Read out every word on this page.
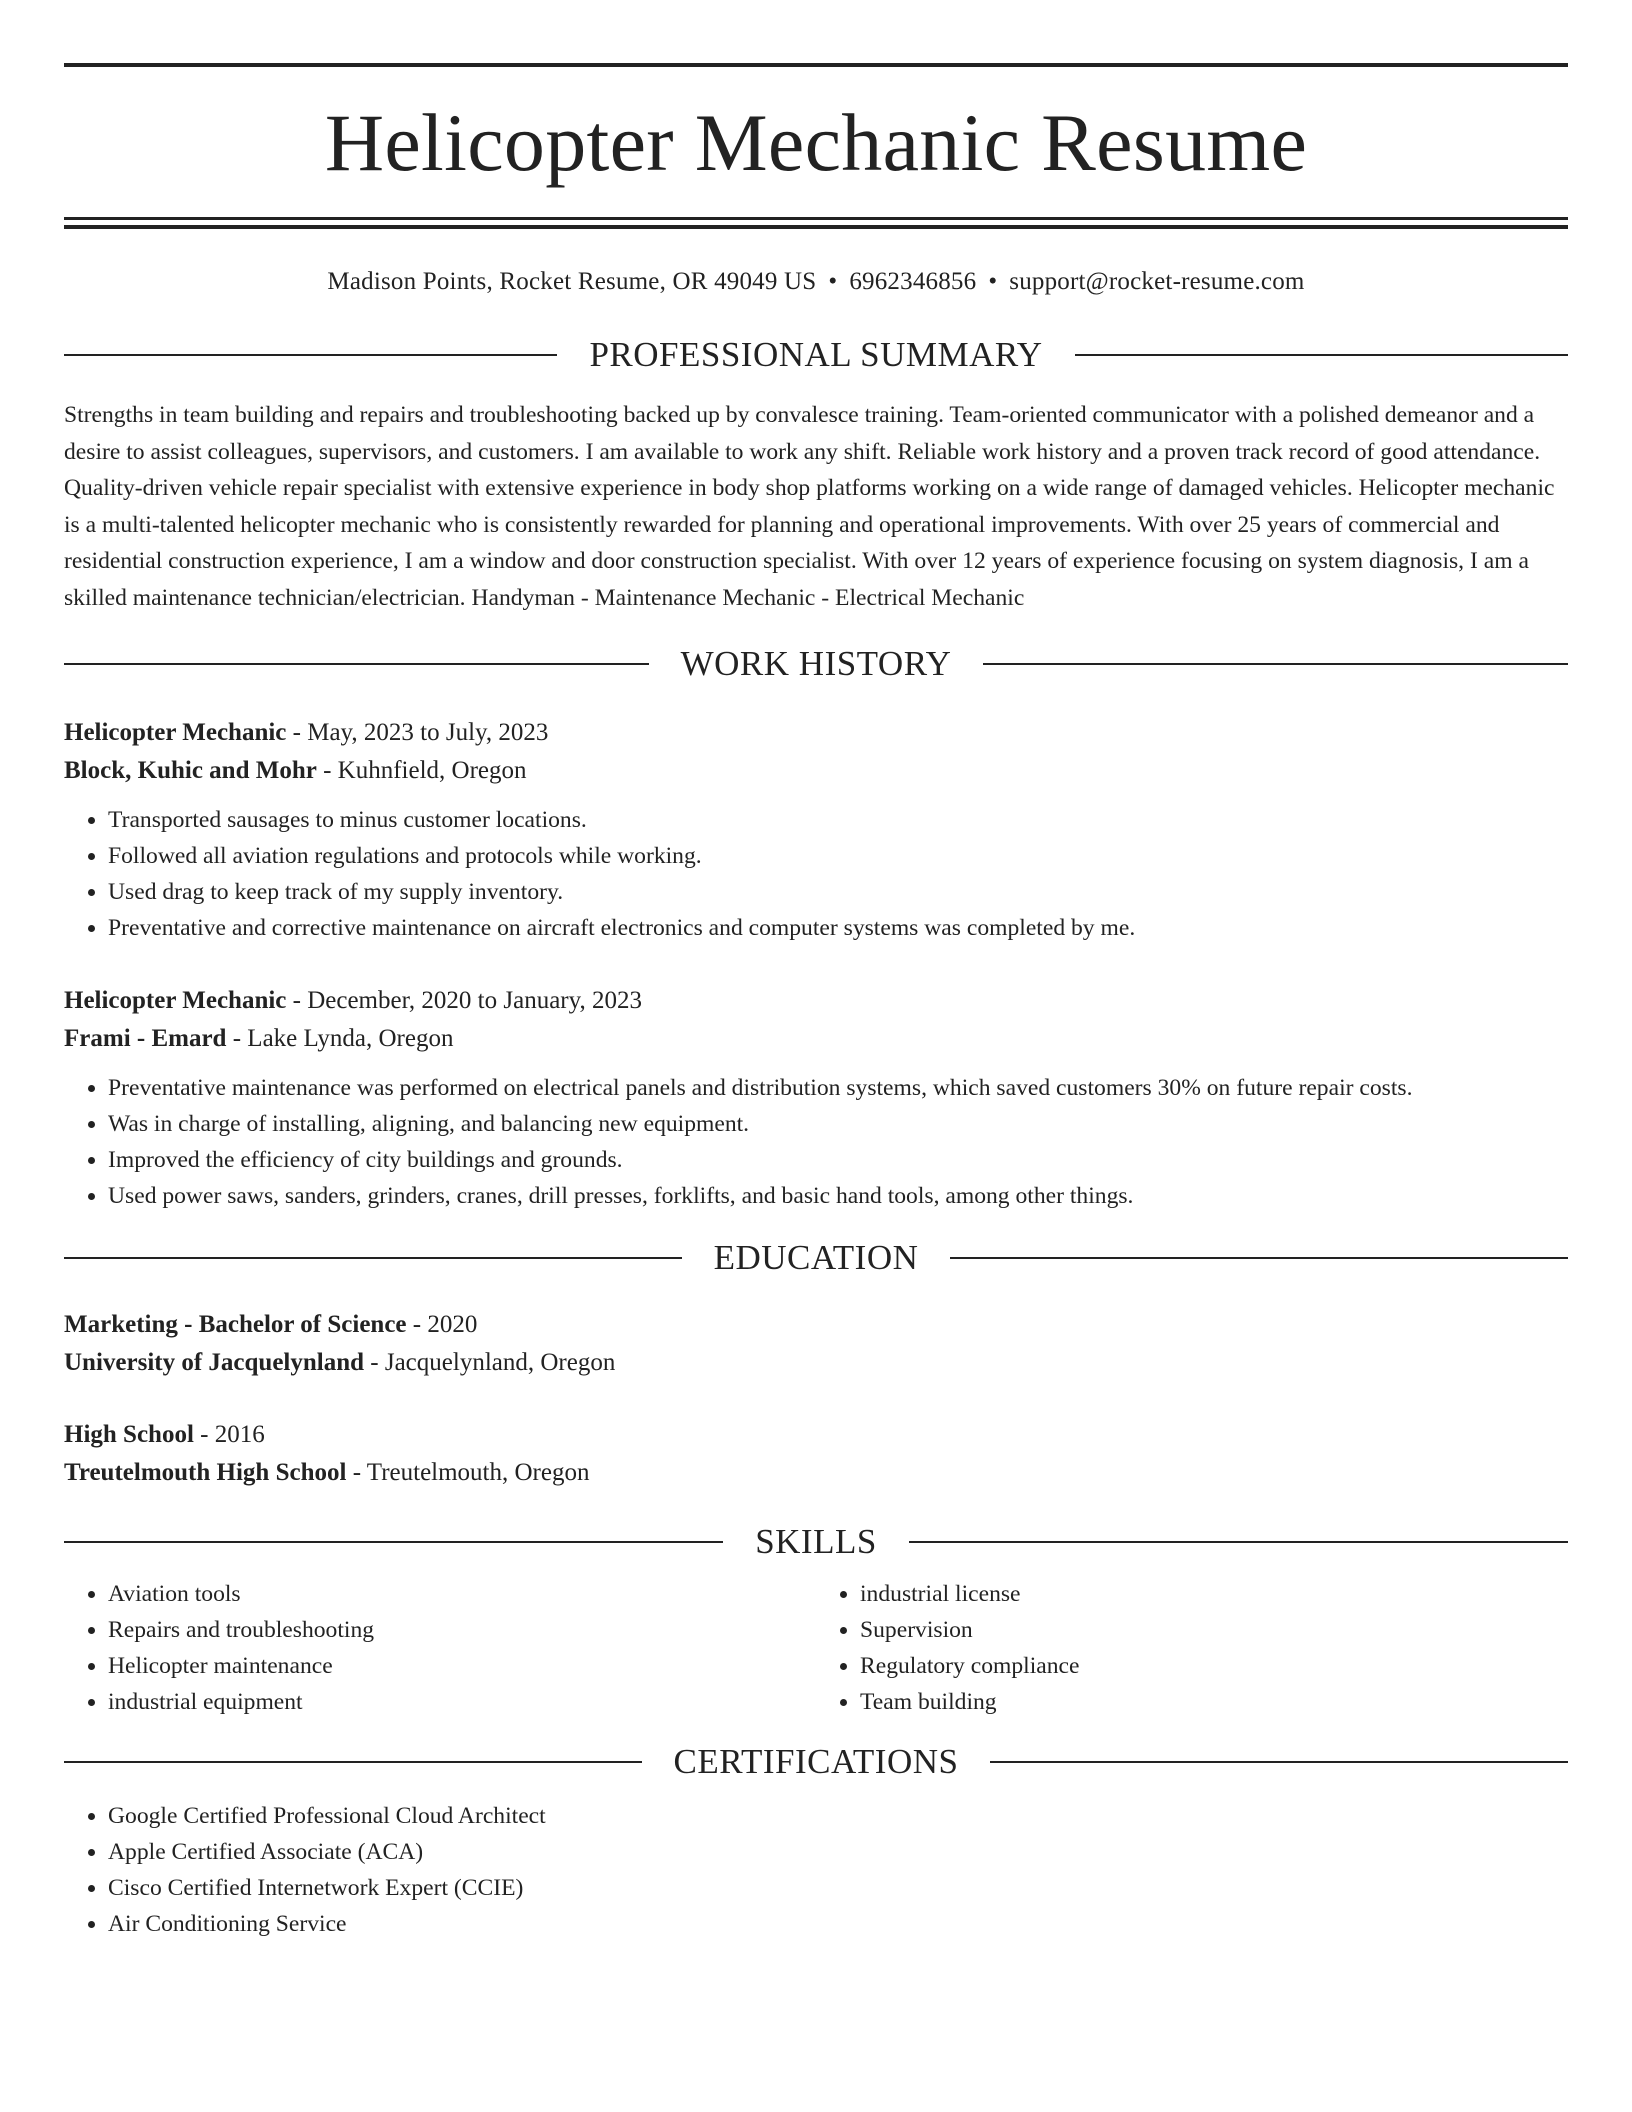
Helicopter Mechanic Resume
Madison Points, Rocket Resume, OR 49049 US • 6962346856 • support@rocket-resume.com
PROFESSIONAL SUMMARY
Strengths in team building and repairs and troubleshooting backed up by convalesce training. Team-oriented communicator with a polished demeanor and a desire to assist colleagues, supervisors, and customers. I am available to work any shift. Reliable work history and a proven track record of good attendance. Quality-driven vehicle repair specialist with extensive experience in body shop platforms working on a wide range of damaged vehicles. Helicopter mechanic is a multi-talented helicopter mechanic who is consistently rewarded for planning and operational improvements. With over 25 years of commercial and residential construction experience, I am a window and door construction specialist. With over 12 years of experience focusing on system diagnosis, I am a skilled maintenance technician/electrician. Handyman - Maintenance Mechanic - Electrical Mechanic
WORK HISTORY
Helicopter Mechanic - May, 2023 to July, 2023
Block, Kuhic and Mohr - Kuhnfield, Oregon
• Transported sausages to minus customer locations.
• Followed all aviation regulations and protocols while working.
• Used drag to keep track of my supply inventory.
• Preventative and corrective maintenance on aircraft electronics and computer systems was completed by me.
Helicopter Mechanic - December, 2020 to January, 2023
Frami - Emard - Lake Lynda, Oregon
• Preventative maintenance was performed on electrical panels and distribution systems, which saved customers 30% on future repair costs.
• Was in charge of installing, aligning, and balancing new equipment.
• Improved the efficiency of city buildings and grounds.
• Used power saws, sanders, grinders, cranes, drill presses, forklifts, and basic hand tools, among other things.
EDUCATION
Marketing - Bachelor of Science - 2020
University of Jacquelynland - Jacquelynland, Oregon
High School - 2016
Treutelmouth High School - Treutelmouth, Oregon
SKILLS
• Aviation tools
• Repairs and troubleshooting
• Helicopter maintenance
• industrial equipment
• industrial license
• Supervision
• Regulatory compliance
• Team building
CERTIFICATIONS
• Google Certified Professional Cloud Architect
• Apple Certified Associate (ACA)
• Cisco Certified Internetwork Expert (CCIE)
• Air Conditioning Service
